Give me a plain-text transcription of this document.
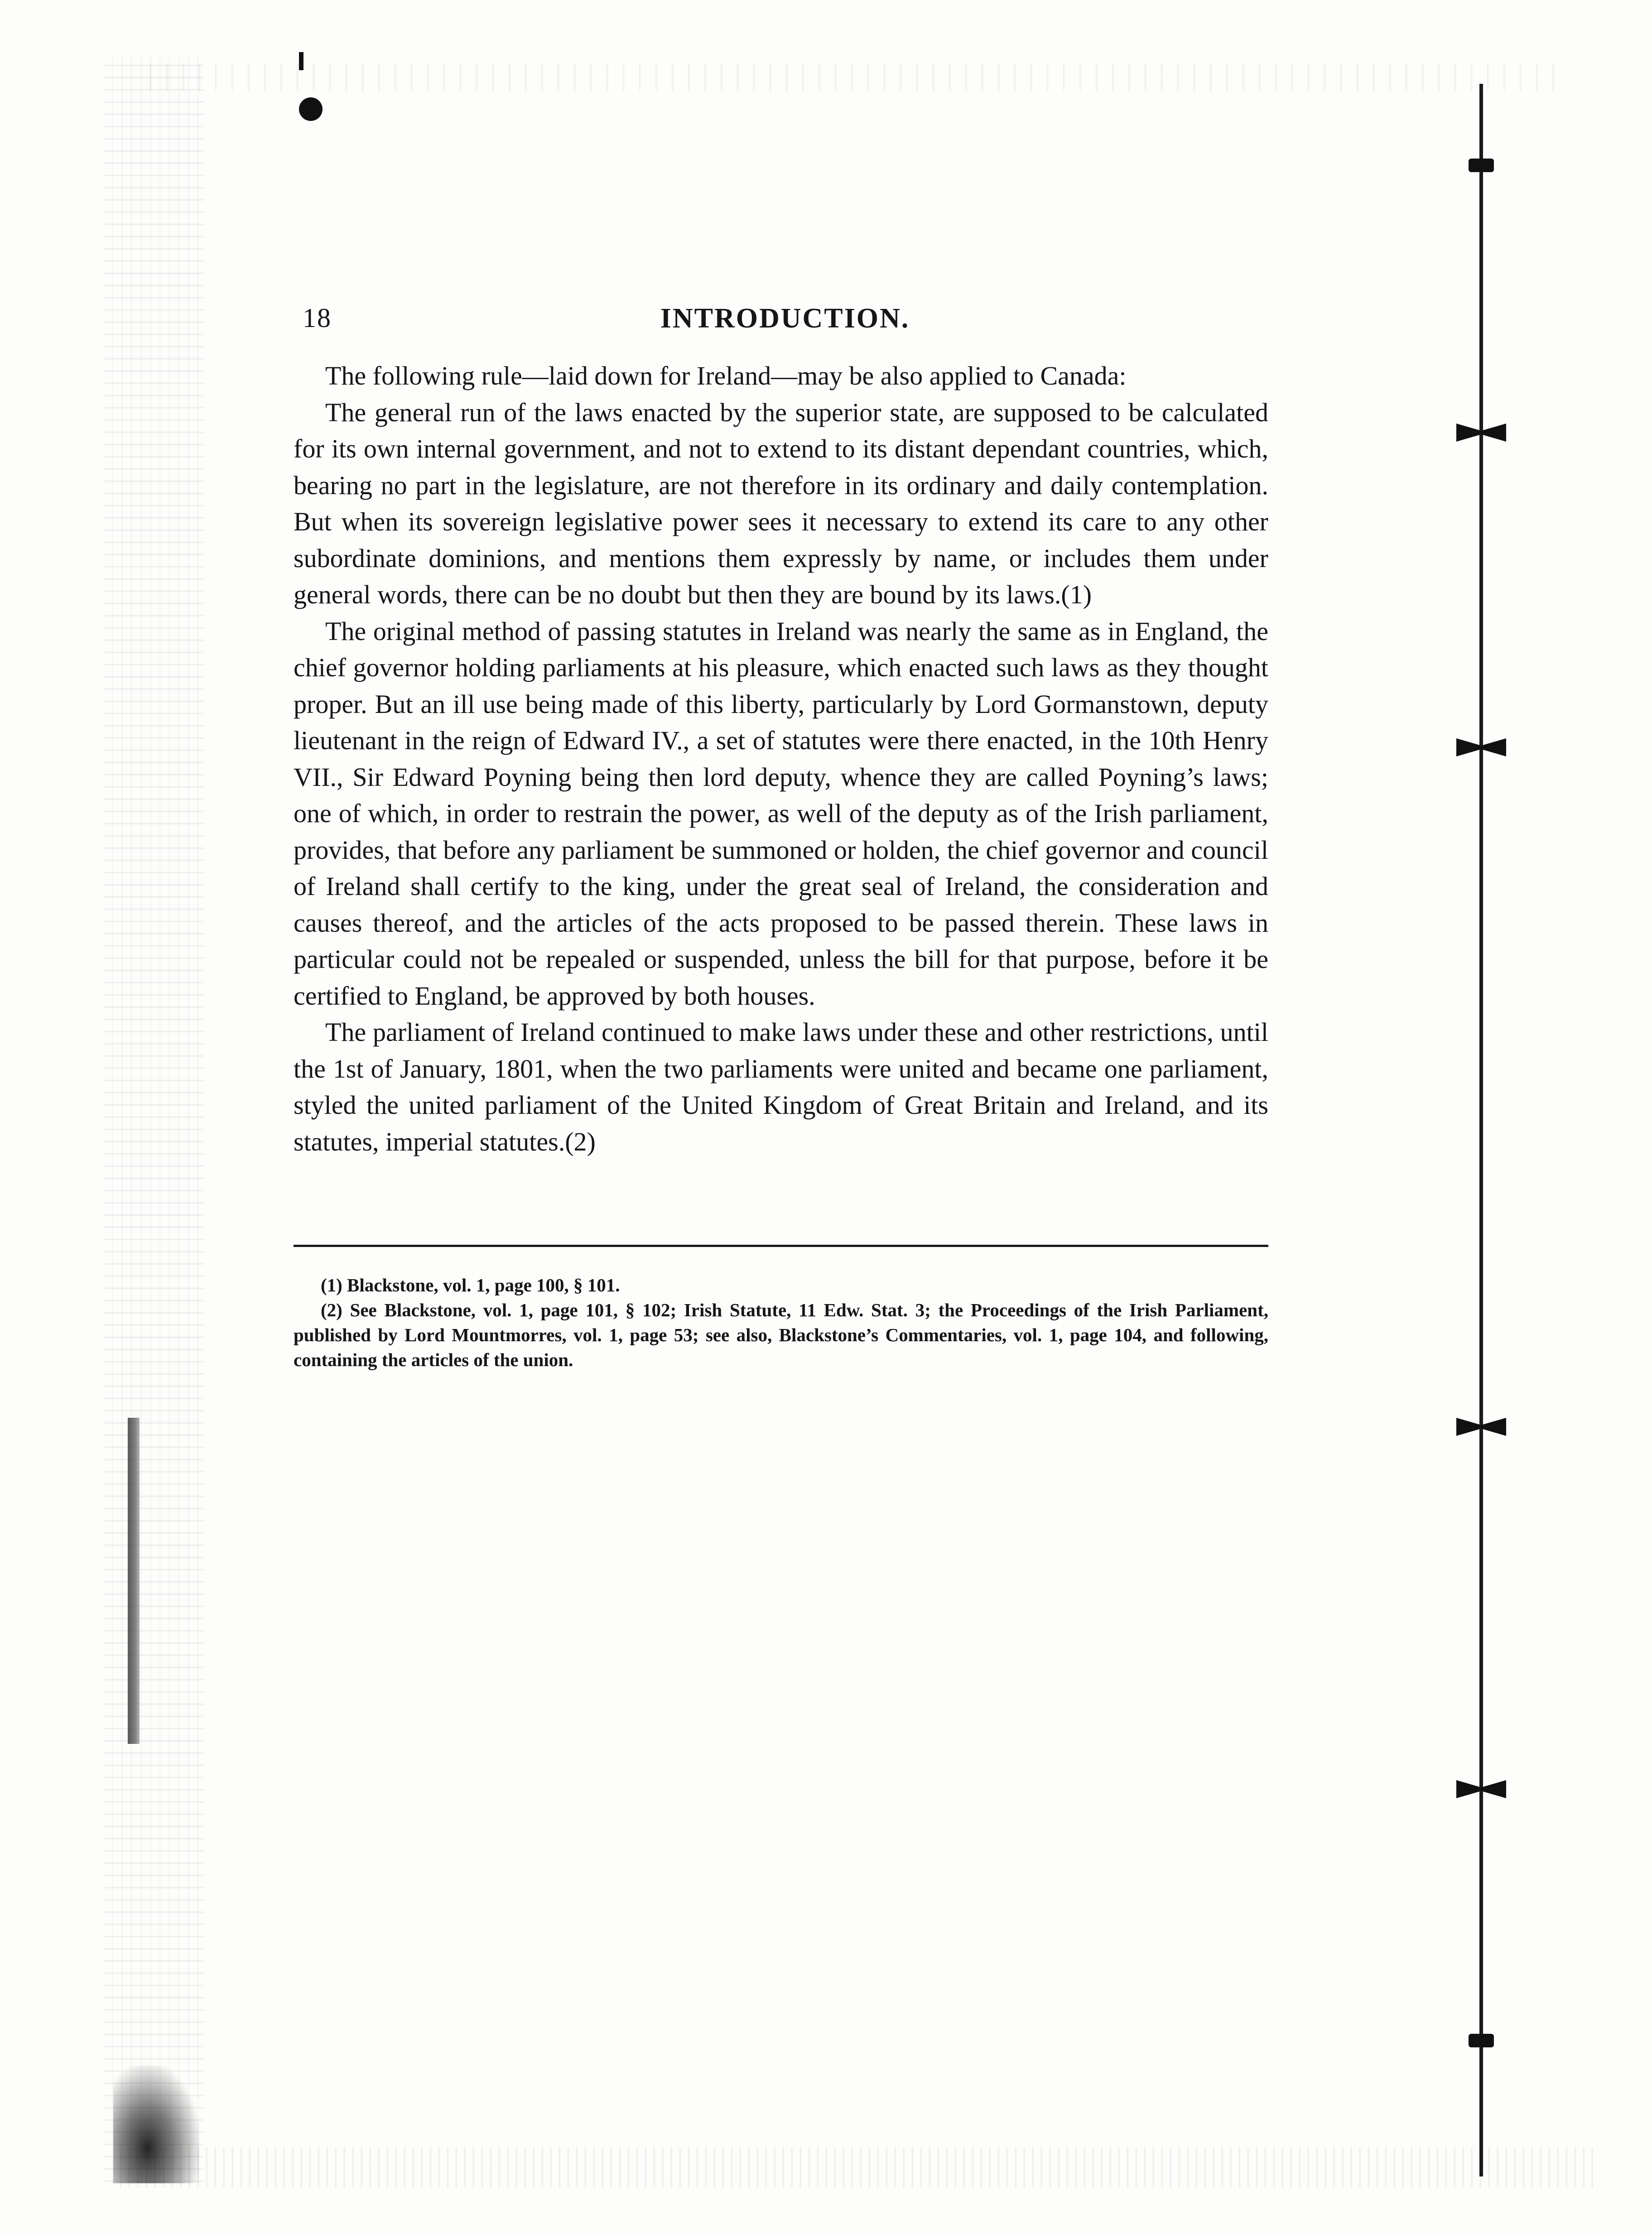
18	INTRODUCTION.

The following rule—laid down for Ireland—may be also applied to Canada:

The general run of the laws enacted by the superior state, are supposed to be calculated for its own internal government, and not to extend to its distant dependant countries, which, bearing no part in the legislature, are not therefore in its ordinary and daily contemplation. But when its sovereign legislative power sees it necessary to extend its care to any other subordinate dominions, and mentions them expressly by name, or includes them under general words, there can be no doubt but then they are bound by its laws.(1)

The original method of passing statutes in Ireland was nearly the same as in England, the chief governor holding parliaments at his pleasure, which enacted such laws as they thought proper. But an ill use being made of this liberty, particularly by Lord Gormanstown, deputy lieutenant in the reign of Edward IV., a set of statutes were there enacted, in the 10th Henry VII., Sir Edward Poyning being then lord deputy, whence they are called Poyning’s laws; one of which, in order to restrain the power, as well of the deputy as of the Irish parliament, provides, that before any parliament be summoned or holden, the chief governor and council of Ireland shall certify to the king, under the great seal of Ireland, the consideration and causes thereof, and the articles of the acts proposed to be passed therein. These laws in particular could not be repealed or suspended, unless the bill for that purpose, before it be certified to England, be approved by both houses.

The parliament of Ireland continued to make laws under these and other restrictions, until the 1st of January, 1801, when the two parliaments were united and became one parliament, styled the united parliament of the United Kingdom of Great Britain and Ireland, and its statutes, imperial statutes.(2)

(1) Blackstone, vol. 1, page 100, § 101.

(2) See Blackstone, vol. 1, page 101, § 102; Irish Statute, 11 Edw. Stat. 3; the Proceedings of the Irish Parliament, published by Lord Mountmorres, vol. 1, page 53; see also, Blackstone’s Commentaries, vol. 1, page 104, and following, containing the articles of the union.
